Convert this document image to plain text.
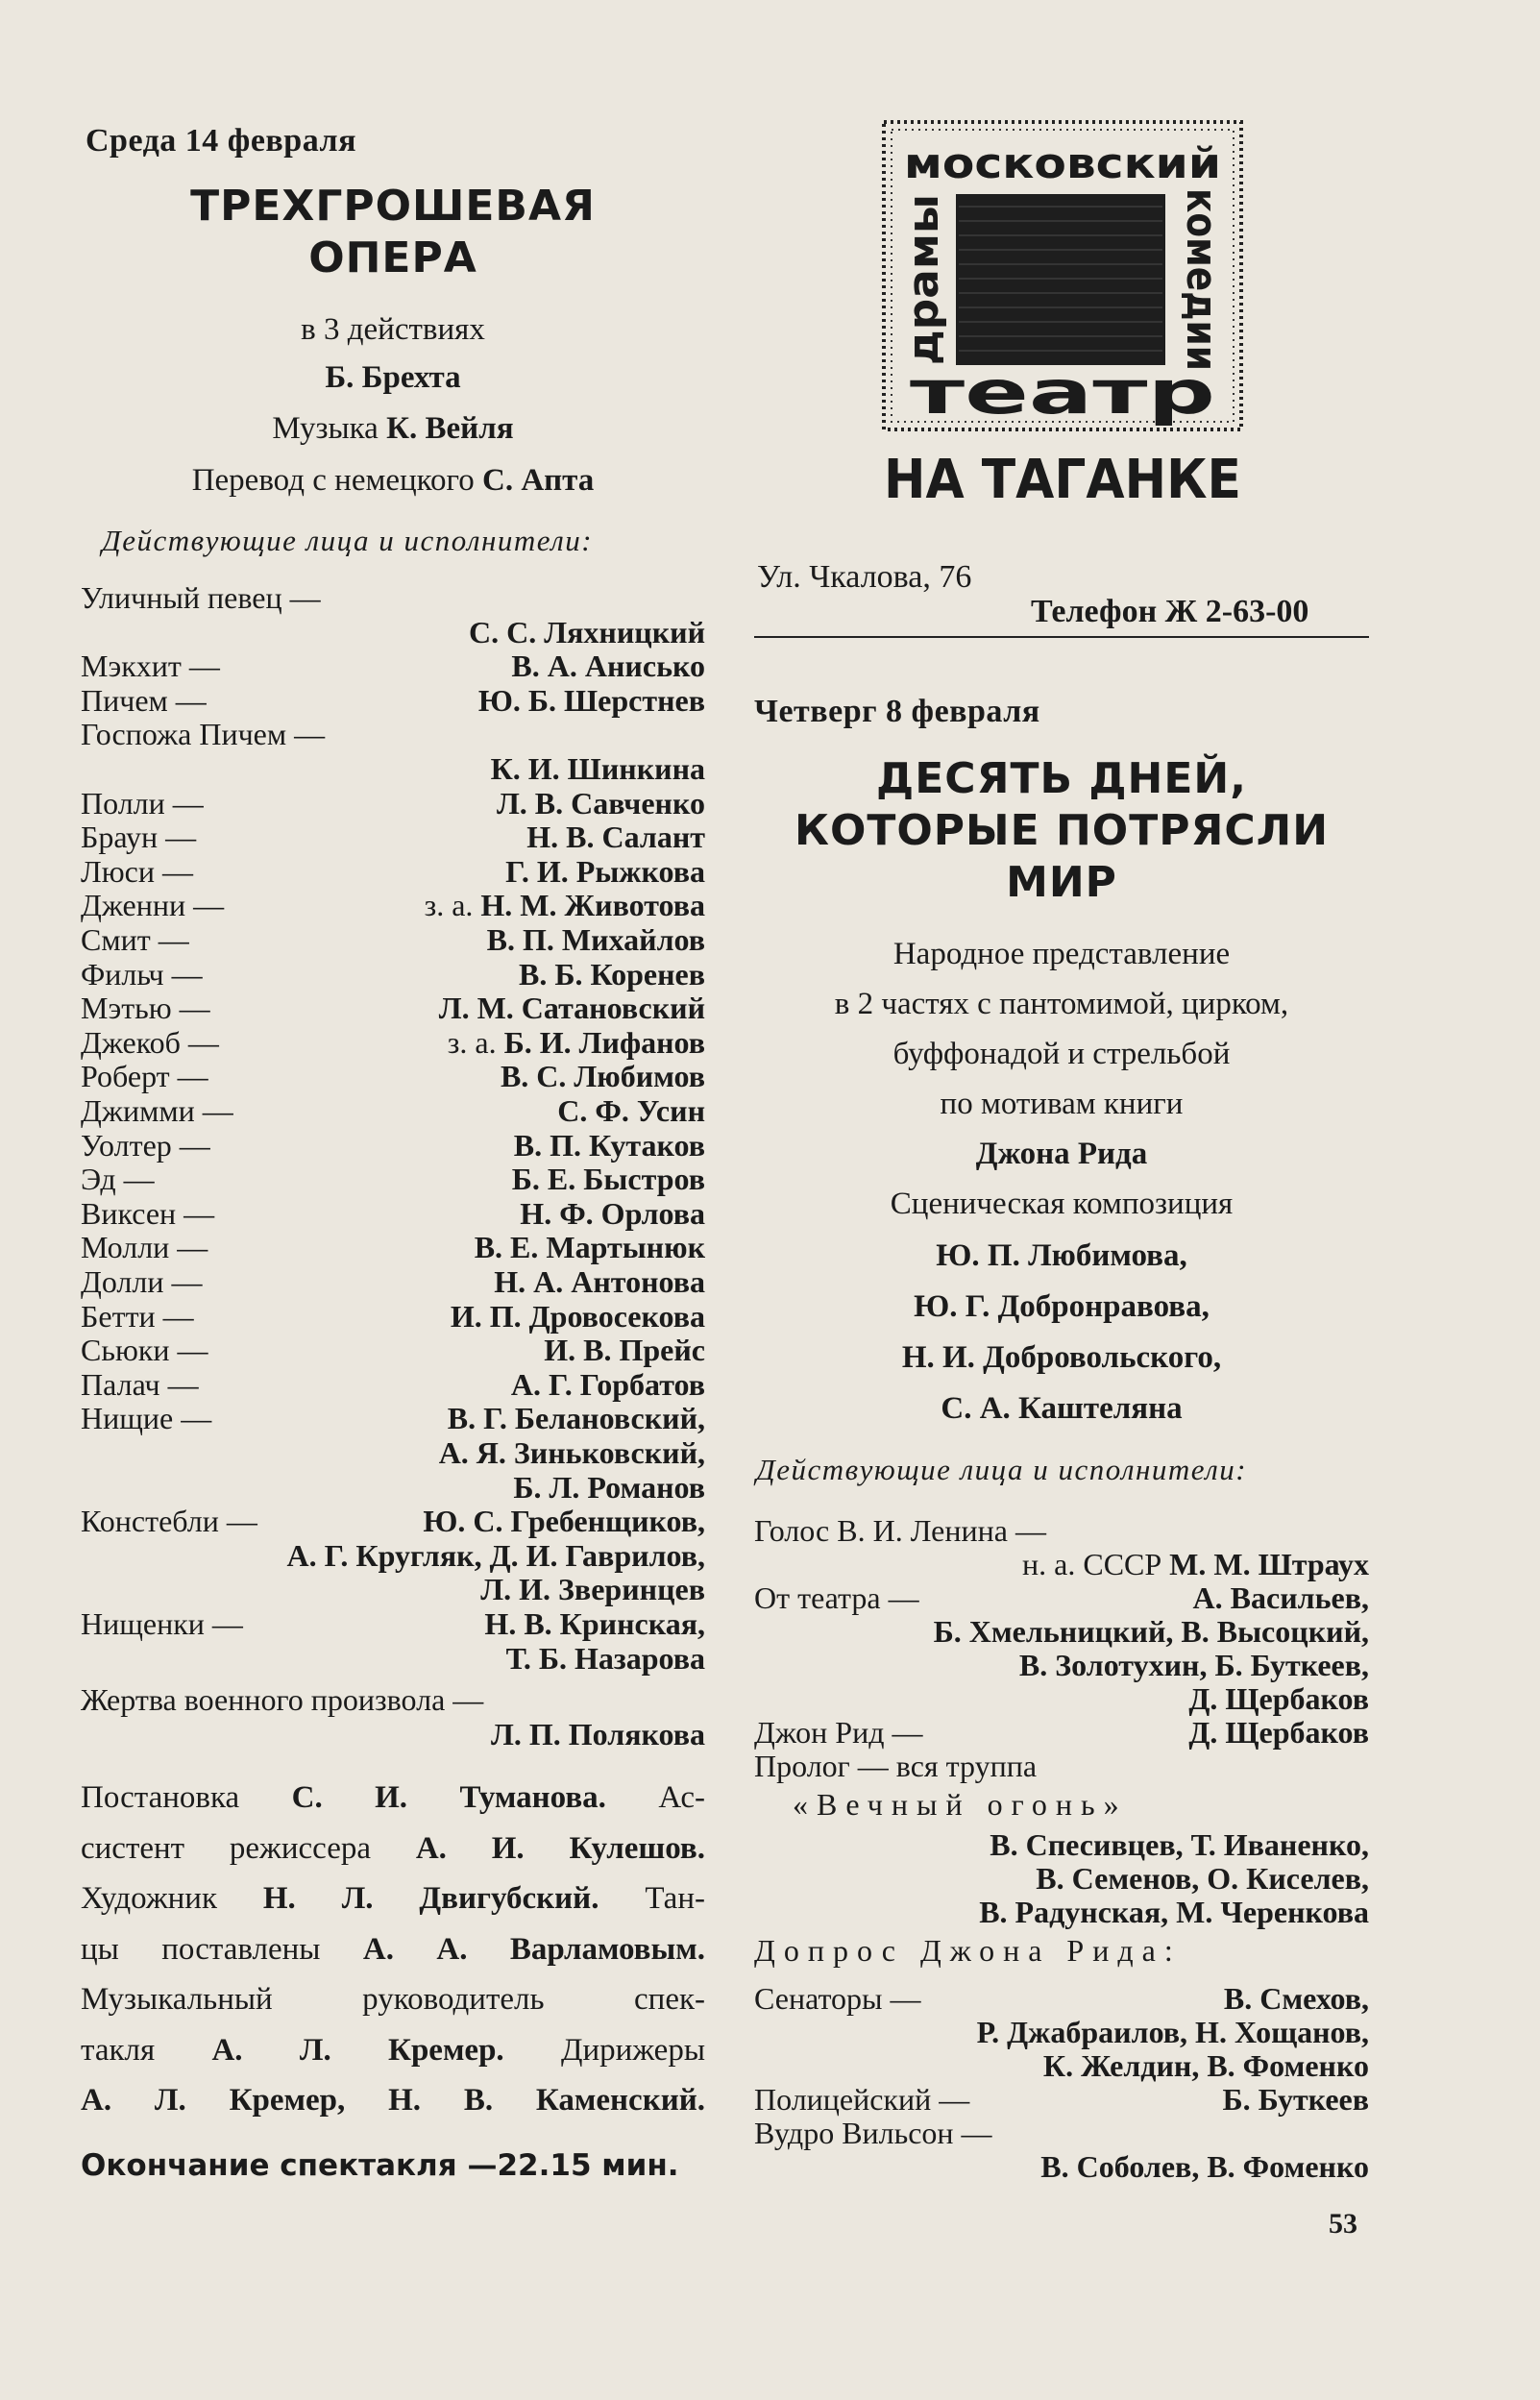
Среда 14 февраля
ТРЕХГРОШЕВАЯ
ОПЕРА
в 3 действиях
Б. Брехта
Музыка К. Вейля
Перевод с немецкого С. Апта
Действующие лица и исполнители:
Уличный певец —
С. С. Ляхницкий
Мэкхит —	В. А. Анисько
Пичем —	Ю. Б. Шерстнев
Госпожа Пичем —
К. И. Шинкина
Полли —	Л. В. Савченко
Браун —	Н. В. Салант
Люси —	Г. И. Рыжкова
Дженни —	з. а. Н. М. Животова
Смит —	В. П. Михайлов
Фильч —	В. Б. Коренев
Мэтью —	Л. М. Сатановский
Джекоб —	з. а. Б. И. Лифанов
Роберт —	В. С. Любимов
Джимми —	С. Ф. Усин
Уолтер —	В. П. Кутаков
Эд —	Б. Е. Быстров
Виксен —	Н. Ф. Орлова
Молли —	В. Е. Мартынюк
Долли —	Н. А. Антонова
Бетти —	И. П. Дровосекова
Сьюки —	И. В. Прейс
Палач —	А. Г. Горбатов
Нищие —	В. Г. Белановский,
А. Я. Зиньковский,
Б. Л. Романов
Констебли —	Ю. С. Гребенщиков,
А. Г. Кругляк, Д. И. Гаврилов,
Л. И. Зверинцев
Нищенки —	Н. В. Кринская,
Т. Б. Назарова
Жертва военного произвола —
Л. П. Полякова
Постановка С. И. Туманова. Ас-
систент режиссера А. И. Кулешов.
Художник Н. Л. Двигубский. Тан-
цы поставлены А. А. Варламовым.
Музыкальный руководитель спек-
такля А. Л. Кремер. Дирижеры
А. Л. Кремер, Н. В. Каменский.
Окончание спектакля —22.15 мин.
московский
драмы	комедии
театр
НА ТАГАНКЕ
Ул. Чкалова, 76
Телефон Ж 2-63-00
Четверг 8 февраля
ДЕСЯТЬ ДНЕЙ,
КОТОРЫЕ ПОТРЯСЛИ
МИР
Народное представление
в 2 частях с пантомимой, цирком,
буффонадой и стрельбой
по мотивам книги
Джона Рида
Сценическая композиция
Ю. П. Любимова,
Ю. Г. Добронравова,
Н. И. Добровольского,
С. А. Каштеляна
Действующие лица и исполнители:
Голос В. И. Ленина —
н. а. СССР М. М. Штраух
От театра —	А. Васильев,
Б. Хмельницкий, В. Высоцкий,
В. Золотухин, Б. Буткеев,
Д. Щербаков
Джон Рид —	Д. Щербаков
Пролог — вся труппа
«Вечный огонь»
В. Спесивцев, Т. Иваненко,
В. Семенов, О. Киселев,
В. Радунская, М. Черенкова
Допрос Джона Рида:
Сенаторы —	В. Смехов,
Р. Джабраилов, Н. Хощанов,
К. Желдин, В. Фоменко
Полицейский —	Б. Буткеев
Вудро Вильсон —
В. Соболев, В. Фоменко
53
